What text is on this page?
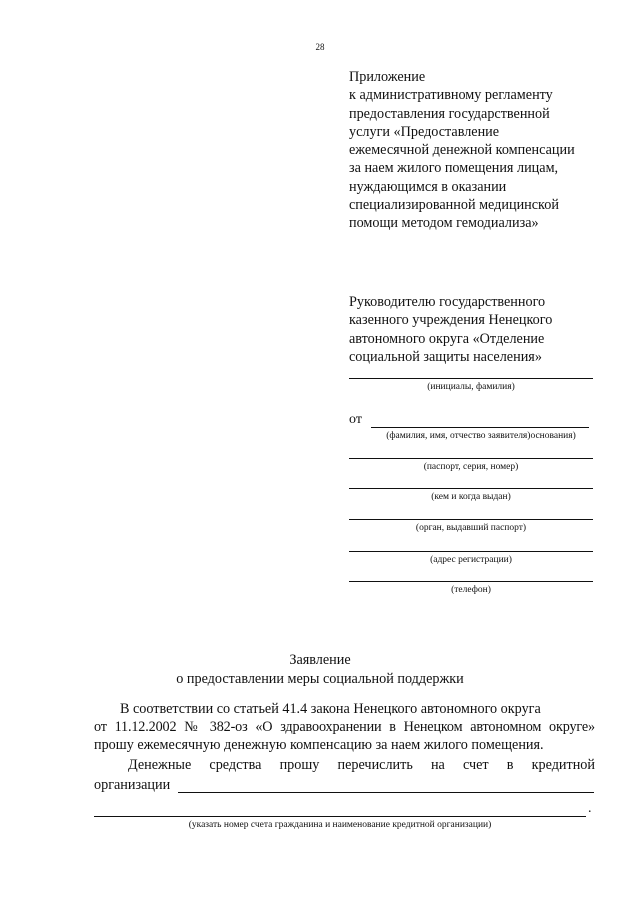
28
Приложение
к административному регламенту
предоставления государственной
услуги «Предоставление
ежемесячной денежной компенсации
за наем жилого помещения лицам,
нуждающимся в оказании
специализированной медицинской
помощи методом гемодиализа»
Руководителю государственного
казенного учреждения Ненецкого
автономного округа «Отделение
социальной защиты населения»
(инициалы, фамилия)
от
(фамилия, имя, отчество заявителя)основания)
(паспорт, серия, номер)
(кем и когда выдан)
(орган, выдавший паспорт)
(адрес регистрации)
(телефон)
Заявление
о предоставлении меры социальной поддержки
В соответствии со статьей 41.4 закона Ненецкого автономного округа
от 11.12.2002 № 382-оз «О здравоохранении в Ненецком автономном округе»
прошу ежемесячную денежную компенсацию за наем жилого помещения.
Денежные средства прошу перечислить на счет в кредитной
организации
.
(указать номер счета гражданина и наименование кредитной организации)
